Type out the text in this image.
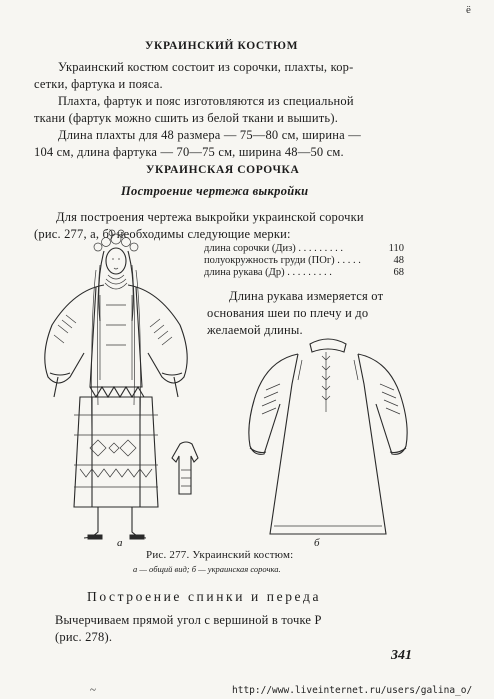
ё
УКРАИНСКИЙ КОСТЮМ
Украинский костюм состоит из сорочки, плахты, кор-
сетки, фартука и пояса.
Плахта, фартук и пояс изготовляются из специальной
ткани (фартук можно сшить из белой ткани и вышить).
Длина плахты для 48 размера — 75—80 см, ширина —
104 см, длина фартука — 70—75 см, ширина 48—50 см.
УКРАИНСКАЯ СОРОЧКА
Построение чертежа выкройки
Для построения чертежа выкройки украинской сорочки
(рис. 277, а, б) необходимы следующие мерки:
длина сорочки (Диз) . . . . . . . . .	110
полуокружность груди (ПОг) . . . . .	48
длина рукава (Др) . . . . . . . . .	68
Длина рукава измеряется от
основания шеи по плечу и до
желаемой длины.
а	б
Рис. 277. Украинский костюм:
а — общий вид; б — украинская сорочка.
Построение спинки и переда
Вычерчиваем прямой угол с вершиной в точке Р
(рис. 278).
341
~	http://www.liveinternet.ru/users/galina_o/
